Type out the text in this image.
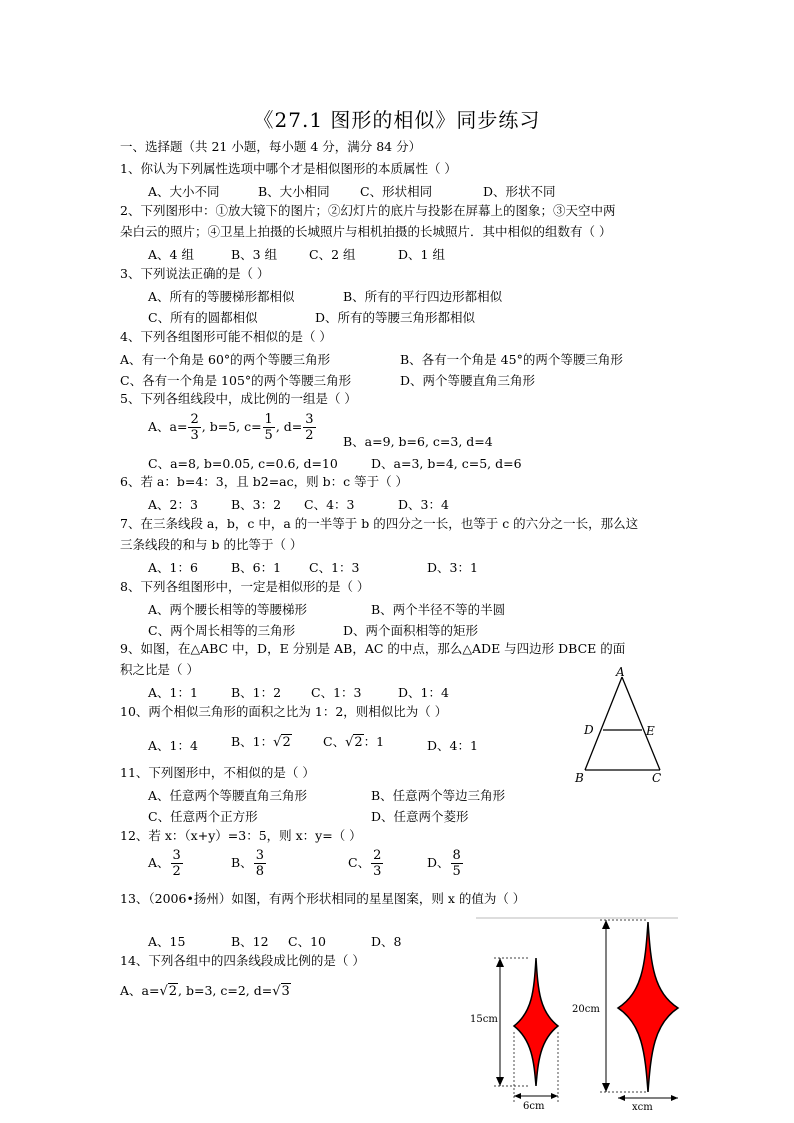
《27.1 图形的相似》同步练习
一、选择题（共 21 小题，每小题 4 分，满分 84 分）
1、你认为下列属性选项中哪个才是相似图形的本质属性（ ）
A、大小不同	B、大小相同 C、形状相同	D、形状不同
2、下列图形中：①放大镜下的图片；②幻灯片的底片与投影在屏幕上的图象；③天空中两
朵白云的照片；④卫星上拍摄的长城照片与相机拍摄的长城照片．其中相似的组数有（ ）
A、4 组	B、3 组	C、2 组	D、1 组
3、下列说法正确的是（ ）
A、所有的等腰梯形都相似	B、所有的平行四边形都相似
C、所有的圆都相似	D、所有的等腰三角形都相似
4、下列各组图形可能不相似的是（ ）
A、有一个角是 60°的两个等腰三角形	B、各有一个角是 45°的两个等腰三角形
C、各有一个角是 105°的两个等腰三角形	D、两个等腰直角三角形
5、下列各组线段中，成比例的一组是（ ）
A、$a= \frac{2}{3}$ , b=5, $c= \frac{1}{5}$ , $d= \frac{3}{2}$ B、a=9, b=6, c=3, d=4
C、a=8, b=0.05, c=0.6, d=10	D、a=3, b=4, c=5, d=6
6、若 a：b=4：3，且 b2=ac，则 b：c 等于（ ）
A、2：3	B、3：2 C、4：3	D、3：4
7、在三条线段 a，b，c 中，a 的一半等于 b 的四分之一长，也等于 c 的六分之一长，那么这
三条线段的和与 b 的比等于（ ）
A、1：6	B、6：1 C、1：3	D、3：1
8、下列各组图形中，一定是相似形的是（ ）
A、两个腰长相等的等腰梯形	B、两个半径不等的半圆
C、两个周长相等的三角形	D、两个面积相等的矩形
9、如图，在△ABC 中，D，E 分别是 AB，AC 的中点，那么△ADE 与四边形 DBCE 的面
积之比是（ ）
A、1：1	B、1：2 C、1：3	D、1：4
10、两个相似三角形的面积之比为 1：2，则相似比为（ ）
A、1：4	B、1：√2	C、√2：1	D、4：1
11、下列图形中，不相似的是（ ）
A、任意两个等腰直角三角形	B、任意两个等边三角形
C、任意两个正方形	D、任意两个菱形
12、若 x：（x+y）=3：5，则 x：y=（ ）
A、 $\frac{3}{2}$	B、 $\frac{3}{8}$	C、 $\frac{2}{3}$	D、 $\frac{8}{5}$
13、（2006•扬州）如图，有两个形状相同的星星图案，则 x 的值为（ ）
A、15	B、12 C、10	D、8
14、下列各组中的四条线段成比例的是（ ）
A、a=√2, b=3, c=2, d=√3
A
D	E
B	C
15cm
6cm
20cm
xcm
